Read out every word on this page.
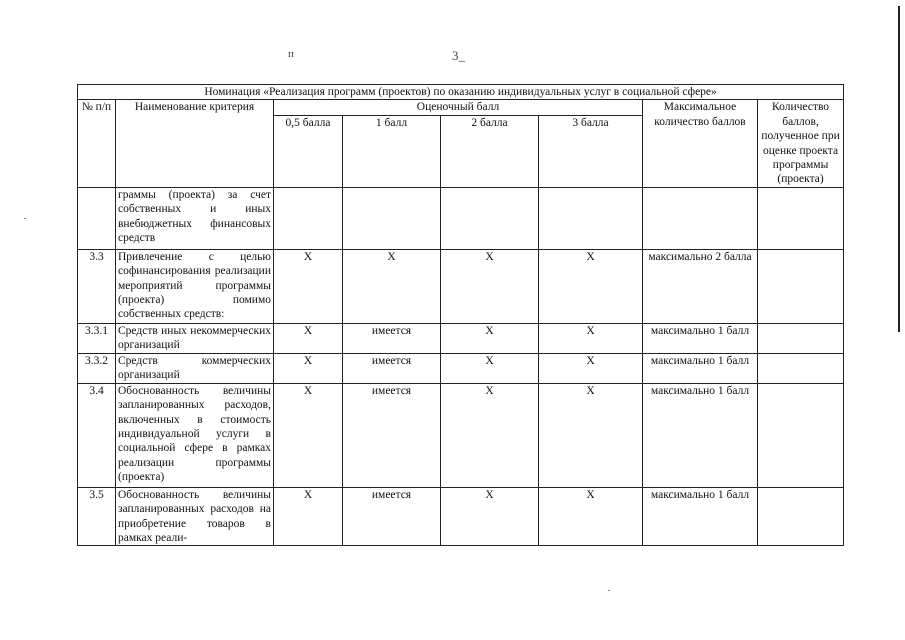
п	3_
Номинация «Реализация программ (проектов) по оказанию индивидуальных услуг в социальной сфере»							
№ п/п	Наименование критерия	Оценочный балл				Максимальное количество баллов	Количество баллов, полученное при оценке проекта программы (проекта)
		0,5 балла	1 балл	2 балла	3 балла		
	граммы (проекта) за счет собственных и иных внебюджетных финансовых средств						
3.3	Привлечение с целью софинансирования реализации мероприятий программы (проекта) помимо собственных средств:	Х	Х	Х	Х	максимально 2 балла	
3.3.1	Средств иных некоммерческих организаций	Х	имеется	Х	Х	максимально 1 балл	
3.3.2	Средств коммерческих организаций	Х	имеется	Х	Х	максимально 1 балл	
3.4	Обоснованность величины запланированных расходов, включенных в стоимость индивидуальной услуги в социальной сфере в рамках реализации программы (проекта)	Х	имеется	Х	Х	максимально 1 балл	
3.5	Обоснованность величины запланированных расходов на приобретение товаров в рамках реали-	Х	имеется	Х	Х	максимально 1 балл	
